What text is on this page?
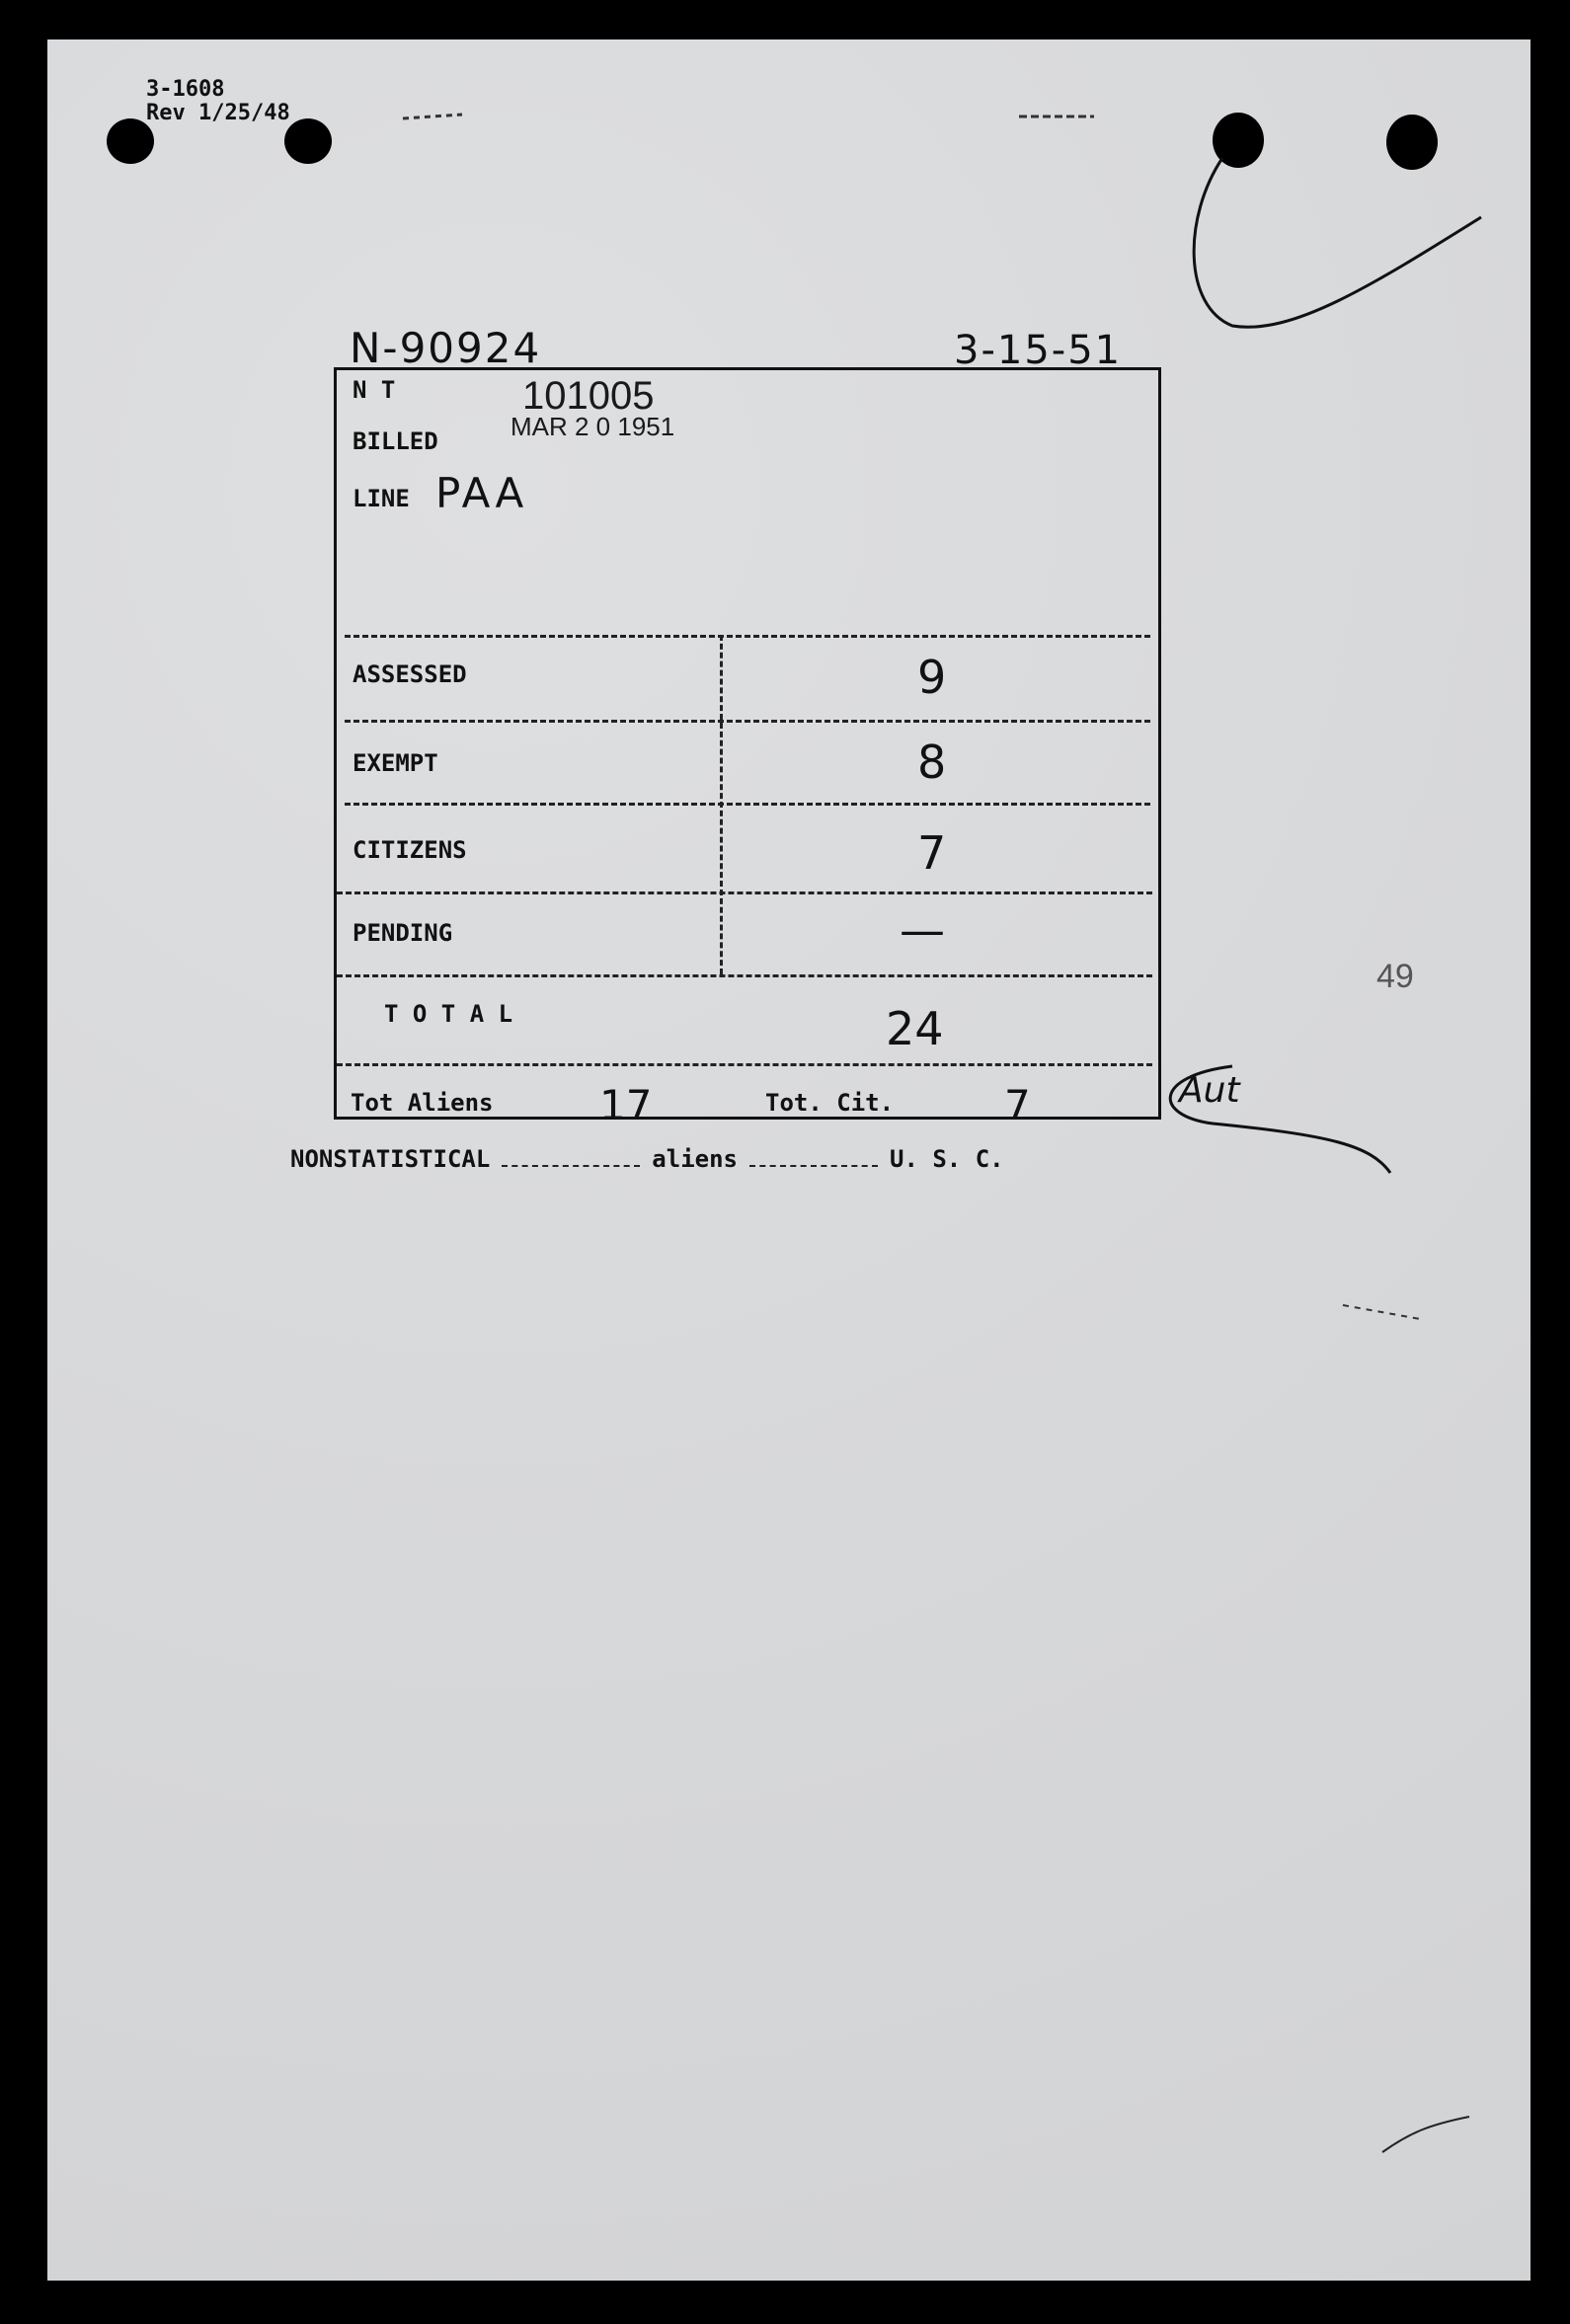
3-1608
Rev 1/25/48
N-90924	3-15-51
N T	101005
MAR 2 0 1951
BILLED
LINE PAA
ASSESSED	9
EXEMPT	8
CITIZENS	7
PENDING	—
T O T A L	24
Tot Aliens	17	Tot. Cit.	7	Aut
NONSTATISTICAL	aliens	U. S. C.
49
